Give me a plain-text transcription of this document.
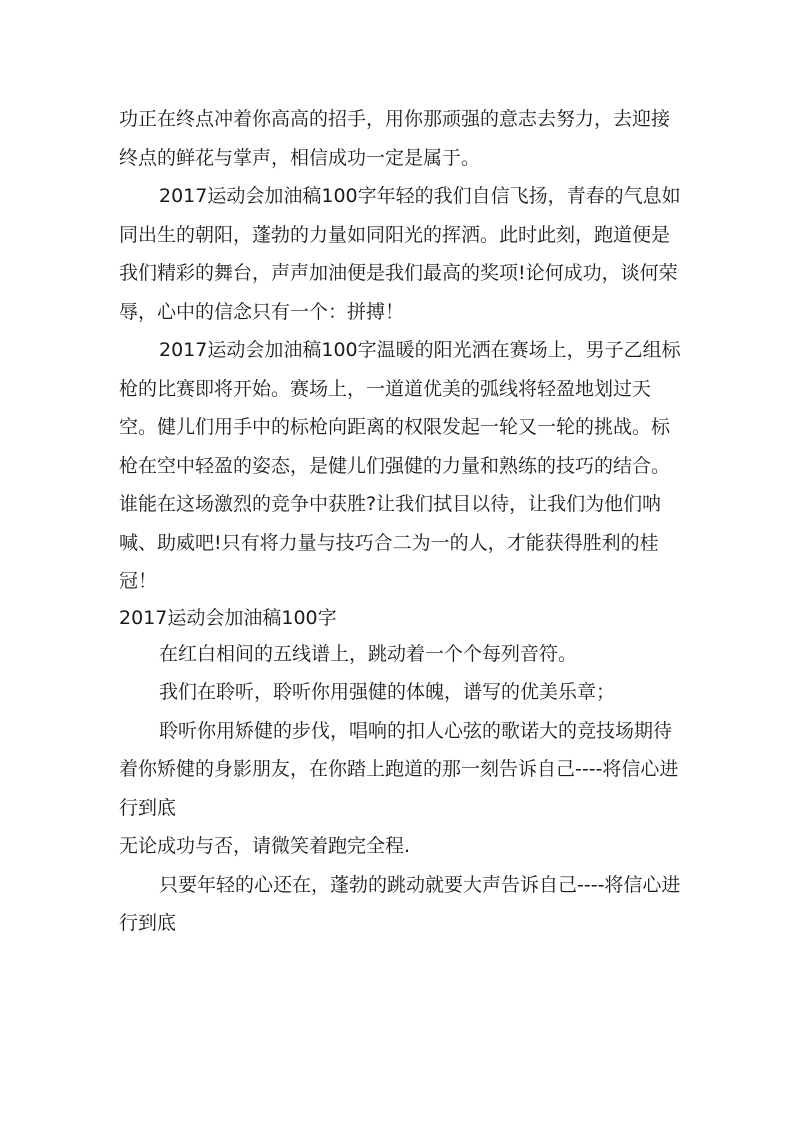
功正在终点冲着你高高的招手，用你那顽强的意志去努力，去迎接终点的鲜花与掌声，相信成功一定是属于。

2017运动会加油稿100字年轻的我们自信飞扬，青春的气息如同出生的朝阳，蓬勃的力量如同阳光的挥洒。此时此刻，跑道便是我们精彩的舞台，声声加油便是我们最高的奖项!论何成功，谈何荣辱，心中的信念只有一个：拼搏！

2017运动会加油稿100字温暖的阳光洒在赛场上，男子乙组标枪的比赛即将开始。赛场上，一道道优美的弧线将轻盈地划过天空。健儿们用手中的标枪向距离的权限发起一轮又一轮的挑战。标枪在空中轻盈的姿态，是健儿们强健的力量和熟练的技巧的结合。谁能在这场激烈的竞争中获胜?让我们拭目以待，让我们为他们呐喊、助威吧!只有将力量与技巧合二为一的人，才能获得胜利的桂冠！

2017运动会加油稿100字

在红白相间的五线谱上，跳动着一个个每列音符。

我们在聆听，聆听你用强健的体魄，谱写的优美乐章；

聆听你用矫健的步伐，唱响的扣人心弦的歌诺大的竞技场期待着你矫健的身影朋友，在你踏上跑道的那一刻告诉自己----将信心进行到底

无论成功与否，请微笑着跑完全程.

只要年轻的心还在，蓬勃的跳动就要大声告诉自己----将信心进行到底
